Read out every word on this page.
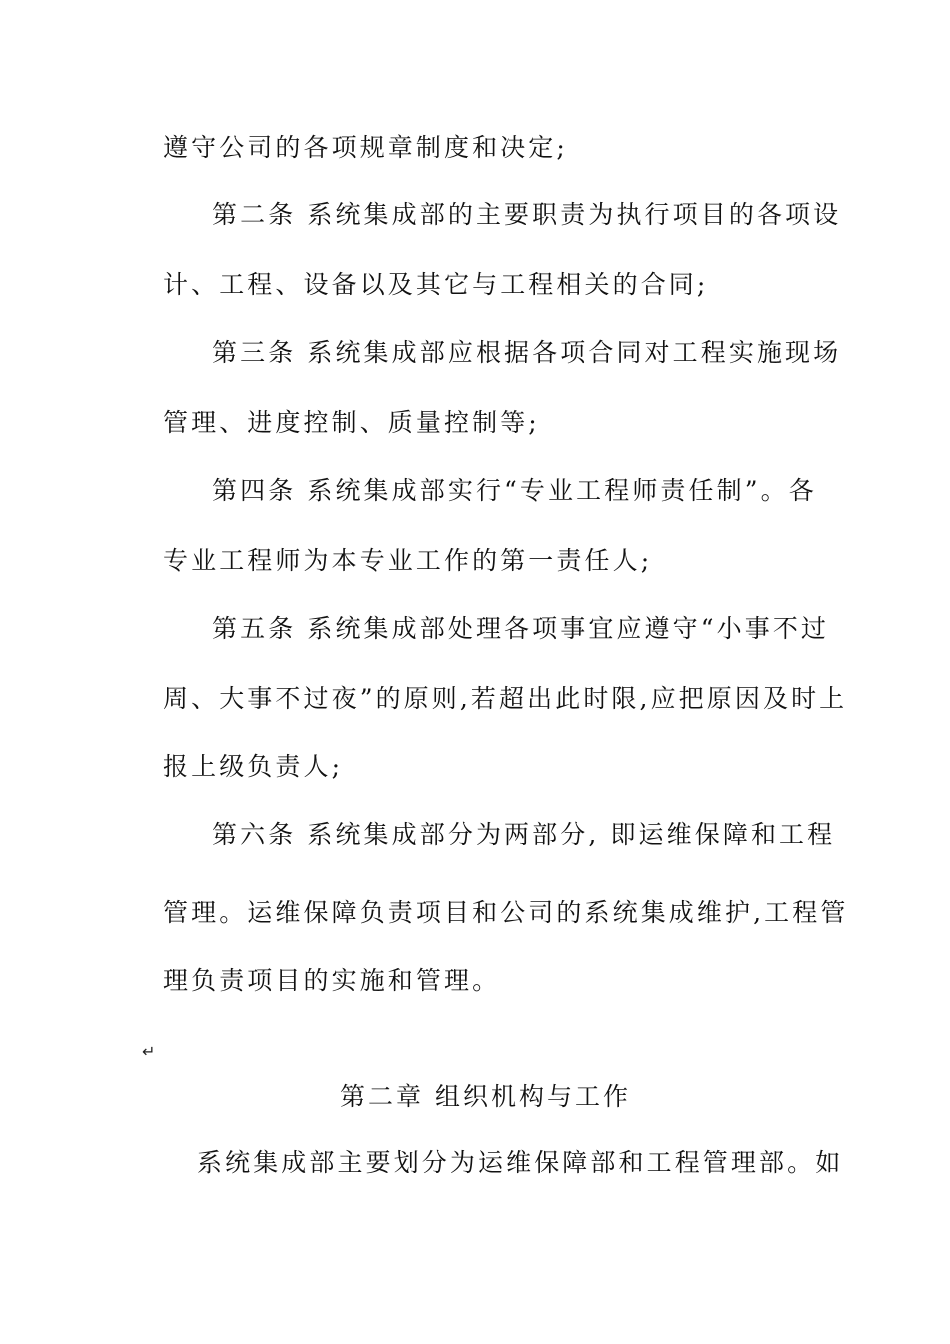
遵守公司的各项规章制度和决定;
第二条 系统集成部的主要职责为执行项目的各项设
计、工程、设备以及其它与工程相关的合同;
第三条 系统集成部应根据各项合同对工程实施现场
管理、进度控制、质量控制等;
第四条 系统集成部实行“专业工程师责任制”。各
专业工程师为本专业工作的第一责任人;
第五条 系统集成部处理各项事宜应遵守“小事不过
周、大事不过夜”的原则,若超出此时限,应把原因及时上
报上级负责人;
第六条 系统集成部分为两部分, 即运维保障和工程
管理。运维保障负责项目和公司的系统集成维护,工程管
理负责项目的实施和管理。
↵
第二章 组织机构与工作
系统集成部主要划分为运维保障部和工程管理部。如
